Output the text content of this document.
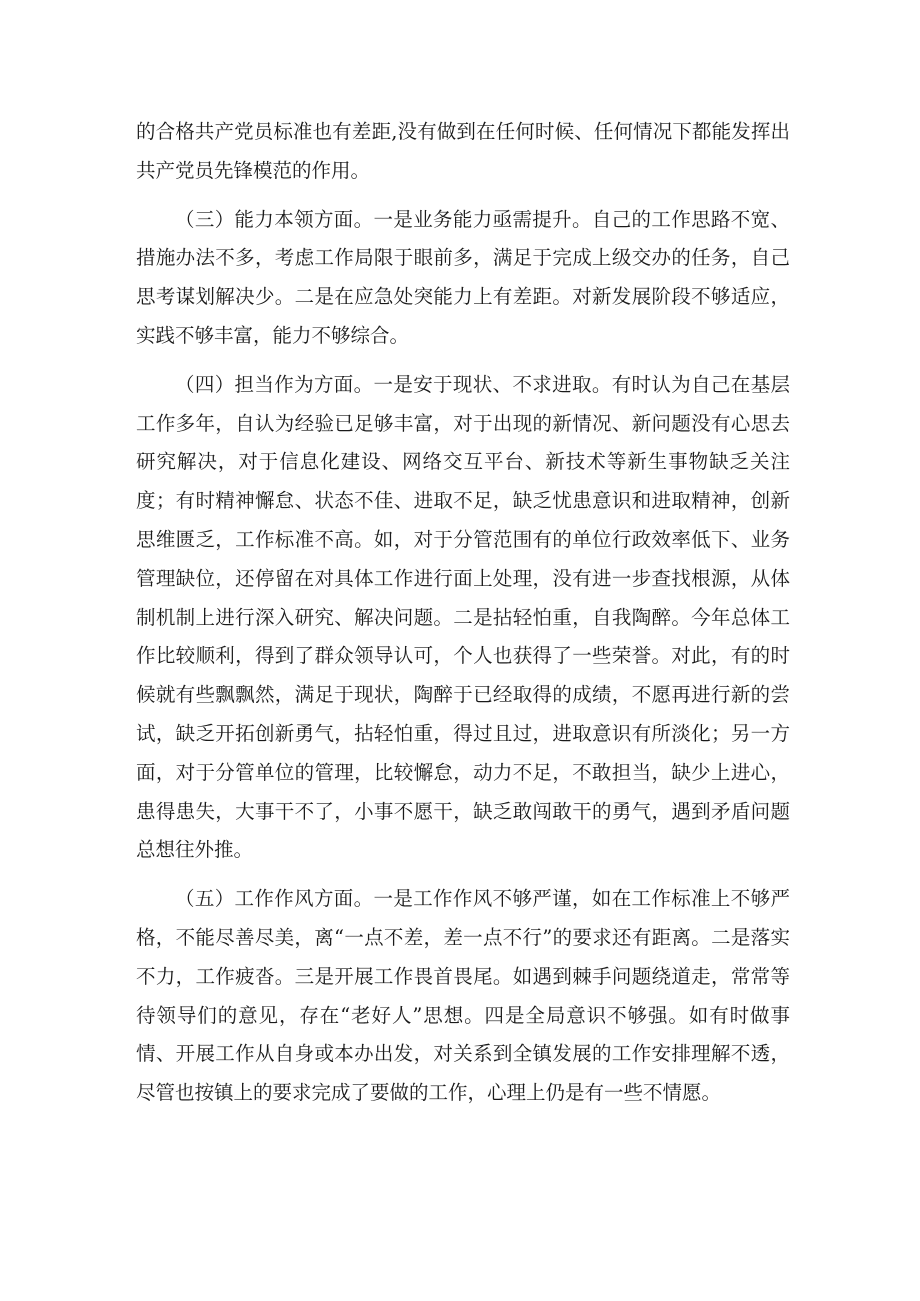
的合格共产党员标准也有差距,没有做到在任何时候、任何情况下都能发挥出共产党员先锋模范的作用。

（三）能力本领方面。一是业务能力亟需提升。自己的工作思路不宽、措施办法不多，考虑工作局限于眼前多，满足于完成上级交办的任务，自己思考谋划解决少。二是在应急处突能力上有差距。对新发展阶段不够适应，实践不够丰富，能力不够综合。

（四）担当作为方面。一是安于现状、不求进取。有时认为自己在基层工作多年，自认为经验已足够丰富，对于出现的新情况、新问题没有心思去研究解决，对于信息化建设、网络交互平台、新技术等新生事物缺乏关注度；有时精神懈怠、状态不佳、进取不足，缺乏忧患意识和进取精神，创新思维匮乏，工作标准不高。如，对于分管范围有的单位行政效率低下、业务管理缺位，还停留在对具体工作进行面上处理，没有进一步查找根源，从体制机制上进行深入研究、解决问题。二是拈轻怕重，自我陶醉。今年总体工作比较顺利，得到了群众领导认可，个人也获得了一些荣誉。对此，有的时候就有些飘飘然，满足于现状，陶醉于已经取得的成绩，不愿再进行新的尝试，缺乏开拓创新勇气，拈轻怕重，得过且过，进取意识有所淡化；另一方面，对于分管单位的管理，比较懈怠，动力不足，不敢担当，缺少上进心，患得患失，大事干不了，小事不愿干，缺乏敢闯敢干的勇气，遇到矛盾问题总想往外推。

（五）工作作风方面。一是工作作风不够严谨，如在工作标准上不够严格，不能尽善尽美，离“一点不差，差一点不行”的要求还有距离。二是落实不力，工作疲沓。三是开展工作畏首畏尾。如遇到棘手问题绕道走，常常等待领导们的意见，存在“老好人”思想。四是全局意识不够强。如有时做事情、开展工作从自身或本办出发，对关系到全镇发展的工作安排理解不透，尽管也按镇上的要求完成了要做的工作，心理上仍是有一些不情愿。
